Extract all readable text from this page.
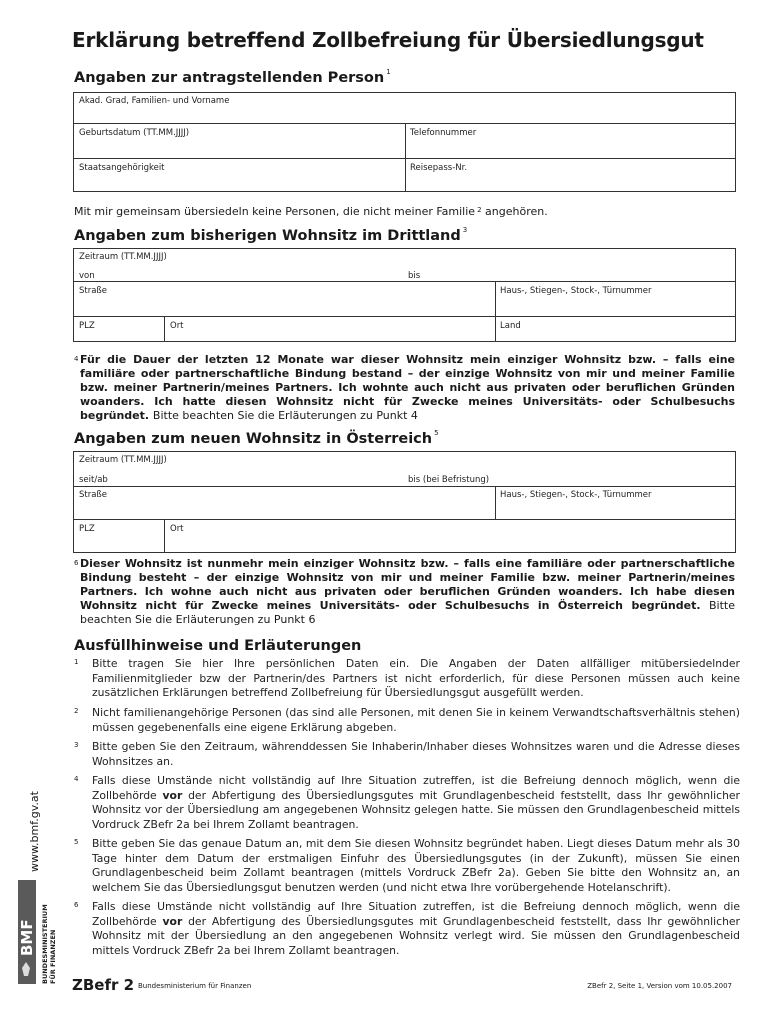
Erklärung betreffend Zollbefreiung für Übersiedlungsgut
Angaben zur antragstellenden Person $^1$
Akad. Grad, Familien- und Vorname
Geburtsdatum (TT.MM.JJJJ)	Telefonnummer
Staatsangehörigkeit	Reisepass-Nr.
Mit mir gemeinsam übersiedeln keine Personen, die nicht meiner Familie $^2$ angehören.
Angaben zum bisherigen Wohnsitz im Drittland $^3$
Zeitraum (TT.MM.JJJJ)
von	bis
Straße	Haus-, Stiegen-, Stock-, Türnummer
PLZ	Ort	Land
4 Für die Dauer der letzten 12 Monate war dieser Wohnsitz mein einziger Wohnsitz bzw. – falls eine familiäre oder partnerschaftliche Bindung bestand – der einzige Wohnsitz von mir und meiner Familie bzw. meiner Partnerin/meines Partners. Ich wohnte auch nicht aus privaten oder beruflichen Gründen woanders. Ich hatte diesen Wohnsitz nicht für Zwecke meines Universitäts- oder Schulbesuchs begründet. Bitte beachten Sie die Erläuterungen zu Punkt 4
Angaben zum neuen Wohnsitz in Österreich $^5$
Zeitraum (TT.MM.JJJJ)
seit/ab	bis (bei Befristung)
Straße	Haus-, Stiegen-, Stock-, Türnummer
PLZ	Ort
6 Dieser Wohnsitz ist nunmehr mein einziger Wohnsitz bzw. – falls eine familiäre oder partnerschaftliche Bindung besteht – der einzige Wohnsitz von mir und meiner Familie bzw. meiner Partnerin/meines Partners. Ich wohne auch nicht aus privaten oder beruflichen Gründen woanders. Ich habe diesen Wohnsitz nicht für Zwecke meines Universitäts- oder Schulbesuchs in Österreich begründet. Bitte beachten Sie die Erläuterungen zu Punkt 6
Ausfüllhinweise und Erläuterungen
1 Bitte tragen Sie hier Ihre persönlichen Daten ein. Die Angaben der Daten allfälliger mitübersiedelnder Familienmitglieder bzw der Partnerin/des Partners ist nicht erforderlich, für diese Personen müssen auch keine zusätzlichen Erklärungen betreffend Zollbefreiung für Übersiedlungsgut ausgefüllt werden.
2 Nicht familienangehörige Personen (das sind alle Personen, mit denen Sie in keinem Verwandtschaftsverhältnis stehen) müssen gegebenenfalls eine eigene Erklärung abgeben.
3 Bitte geben Sie den Zeitraum, währenddessen Sie Inhaberin/Inhaber dieses Wohnsitzes waren und die Adresse dieses Wohnsitzes an.
4 Falls diese Umstände nicht vollständig auf Ihre Situation zutreffen, ist die Befreiung dennoch möglich, wenn die Zollbehörde vor der Abfertigung des Übersiedlungsgutes mit Grundlagenbescheid feststellt, dass Ihr gewöhnlicher Wohnsitz vor der Übersiedlung am angegebenen Wohnsitz gelegen hatte. Sie müssen den Grundlagenbescheid mittels Vordruck ZBefr 2a bei Ihrem Zollamt beantragen.
5 Bitte geben Sie das genaue Datum an, mit dem Sie diesen Wohnsitz begründet haben. Liegt dieses Datum mehr als 30 Tage hinter dem Datum der erstmaligen Einfuhr des Übersiedlungsgutes (in der Zukunft), müssen Sie einen Grundlagenbescheid beim Zollamt beantragen (mittels Vordruck ZBefr 2a). Geben Sie bitte den Wohnsitz an, an welchem Sie das Übersiedlungsgut benutzen werden (und nicht etwa Ihre vorübergehende Hotelanschrift).
6 Falls diese Umstände nicht vollständig auf Ihre Situation zutreffen, ist die Befreiung dennoch möglich, wenn die Zollbehörde vor der Abfertigung des Übersiedlungsgutes mit Grundlagenbescheid feststellt, dass Ihr gewöhnlicher Wohnsitz mit der Übersiedlung an den angegebenen Wohnsitz verlegt wird. Sie müssen den Grundlagenbescheid mittels Vordruck ZBefr 2a bei Ihrem Zollamt beantragen.
www.bmf.gv.at
BMF BUNDESMINISTERIUM FÜR FINANZEN
ZBefr 2 Bundesministerium für Finanzen	ZBefr 2, Seite 1, Version vom 10.05.2007
